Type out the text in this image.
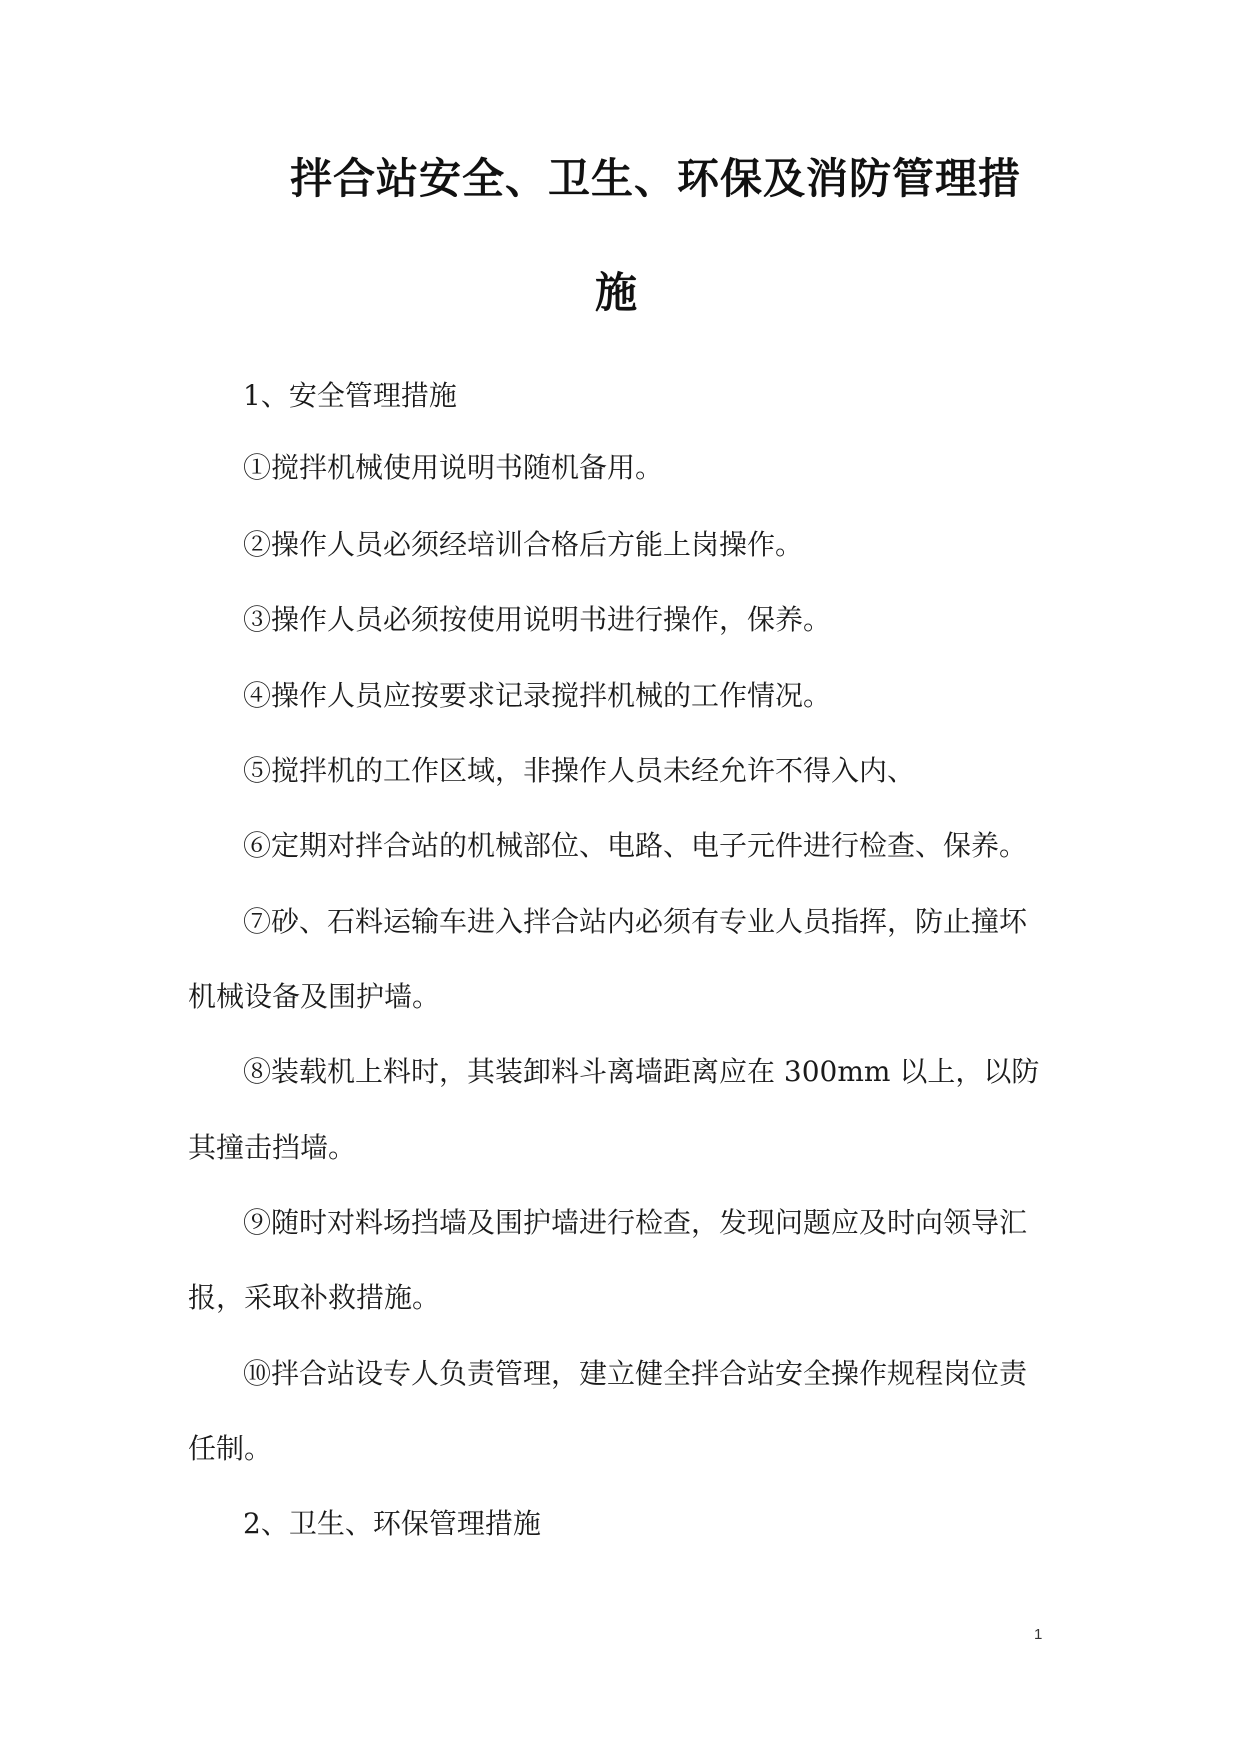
拌合站安全、卫生、环保及消防管理措
施
1、安全管理措施
①搅拌机械使用说明书随机备用。
②操作人员必须经培训合格后方能上岗操作。
③操作人员必须按使用说明书进行操作，保养。
④操作人员应按要求记录搅拌机械的工作情况。
⑤搅拌机的工作区域，非操作人员未经允许不得入内、
⑥定期对拌合站的机械部位、电路、电子元件进行检查、保养。
⑦砂、石料运输车进入拌合站内必须有专业人员指挥，防止撞坏
机械设备及围护墙。
⑧装载机上料时，其装卸料斗离墙距离应在 300mm 以上，以防
其撞击挡墙。
⑨随时对料场挡墙及围护墙进行检查，发现问题应及时向领导汇
报，采取补救措施。
⑩拌合站设专人负责管理，建立健全拌合站安全操作规程岗位责
任制。
2、卫生、环保管理措施
1
